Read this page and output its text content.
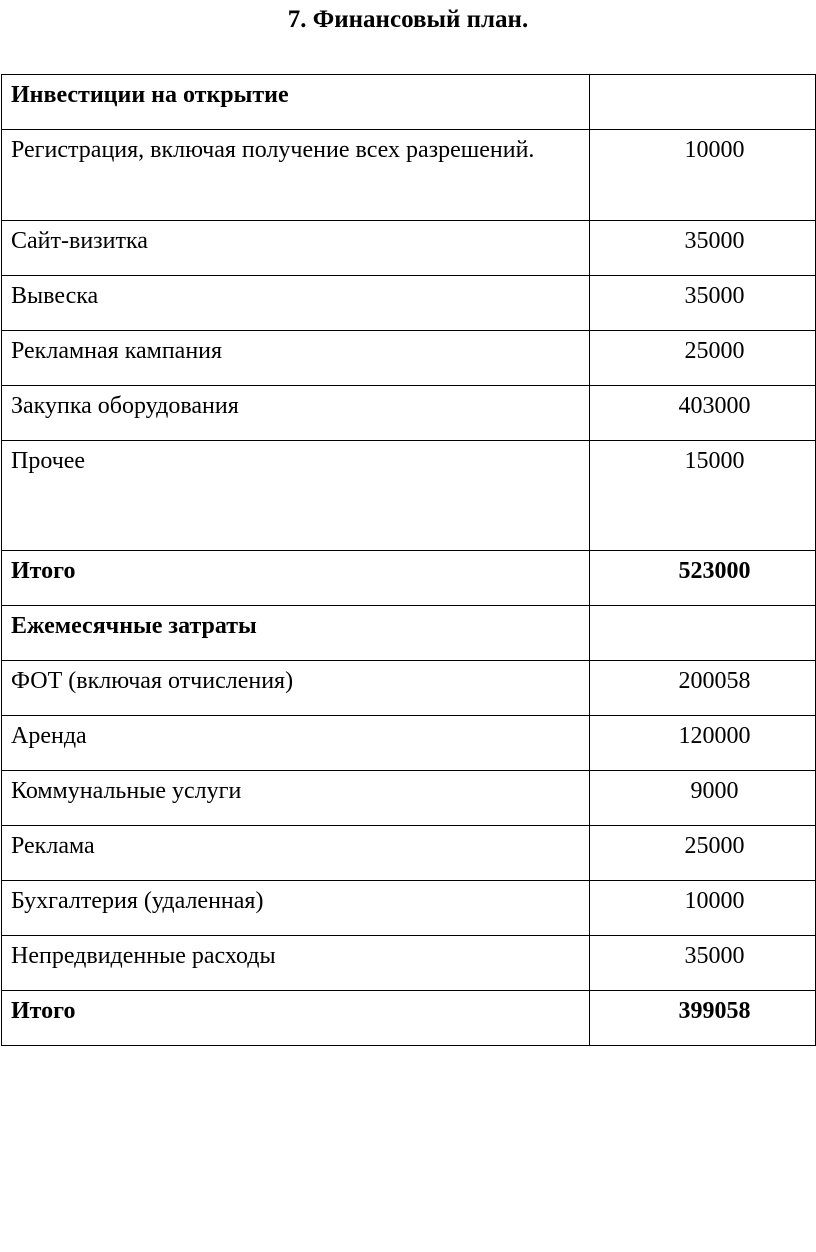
7. Финансовый план.
Инвестиции на открытие	
Регистрация, включая получение всех разрешений.	10000
Сайт-визитка	35000
Вывеска	35000
Рекламная кампания	25000
Закупка оборудования	403000
Прочее	15000
Итого	523000
Ежемесячные затраты	
ФОТ (включая отчисления)	200058
Аренда	120000
Коммунальные услуги	9000
Реклама	25000
Бухгалтерия (удаленная)	10000
Непредвиденные расходы	35000
Итого	399058
